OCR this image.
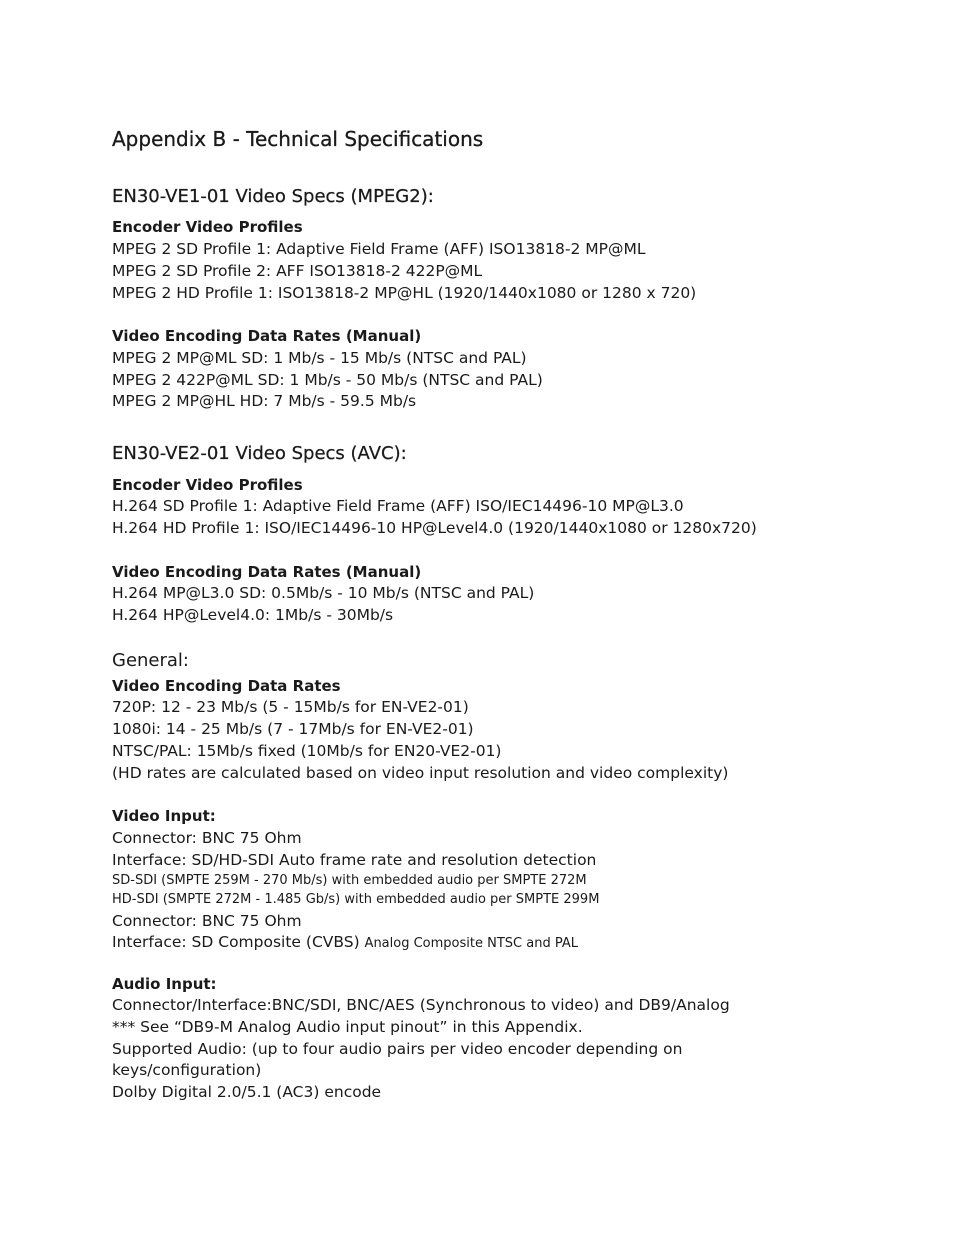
Appendix B - Technical Specifications
EN30-VE1-01 Video Specs (MPEG2):
Encoder Video Profiles
MPEG 2 SD Profile 1: Adaptive Field Frame (AFF) ISO13818-2 MP@ML
MPEG 2 SD Profile 2: AFF ISO13818-2 422P@ML
MPEG 2 HD Profile 1: ISO13818-2 MP@HL (1920/1440x1080 or 1280 x 720)
Video Encoding Data Rates (Manual)
MPEG 2 MP@ML SD: 1 Mb/s - 15 Mb/s (NTSC and PAL)
MPEG 2 422P@ML SD: 1 Mb/s - 50 Mb/s (NTSC and PAL)
MPEG 2 MP@HL HD: 7 Mb/s - 59.5 Mb/s
EN30-VE2-01 Video Specs (AVC):
Encoder Video Profiles
H.264 SD Profile 1: Adaptive Field Frame (AFF) ISO/IEC14496-10 MP@L3.0
H.264 HD Profile 1: ISO/IEC14496-10 HP@Level4.0 (1920/1440x1080 or 1280x720)
Video Encoding Data Rates (Manual)
H.264 MP@L3.0 SD: 0.5Mb/s - 10 Mb/s (NTSC and PAL)
H.264 HP@Level4.0: 1Mb/s - 30Mb/s
General:
Video Encoding Data Rates
720P: 12 - 23 Mb/s (5 - 15Mb/s for EN-VE2-01)
1080i: 14 - 25 Mb/s (7 - 17Mb/s for EN-VE2-01)
NTSC/PAL: 15Mb/s fixed (10Mb/s for EN20-VE2-01)
(HD rates are calculated based on video input resolution and video complexity)
Video Input:
Connector: BNC 75 Ohm
Interface: SD/HD-SDI Auto frame rate and resolution detection
SD-SDI (SMPTE 259M - 270 Mb/s) with embedded audio per SMPTE 272M
HD-SDI (SMPTE 272M - 1.485 Gb/s) with embedded audio per SMPTE 299M
Connector: BNC 75 Ohm
Interface: SD Composite (CVBS) Analog Composite NTSC and PAL
Audio Input:
Connector/Interface:BNC/SDI, BNC/AES (Synchronous to video) and DB9/Analog
*** See “DB9-M Analog Audio input pinout” in this Appendix.
Supported Audio: (up to four audio pairs per video encoder depending on
keys/configuration)
Dolby Digital 2.0/5.1 (AC3) encode
